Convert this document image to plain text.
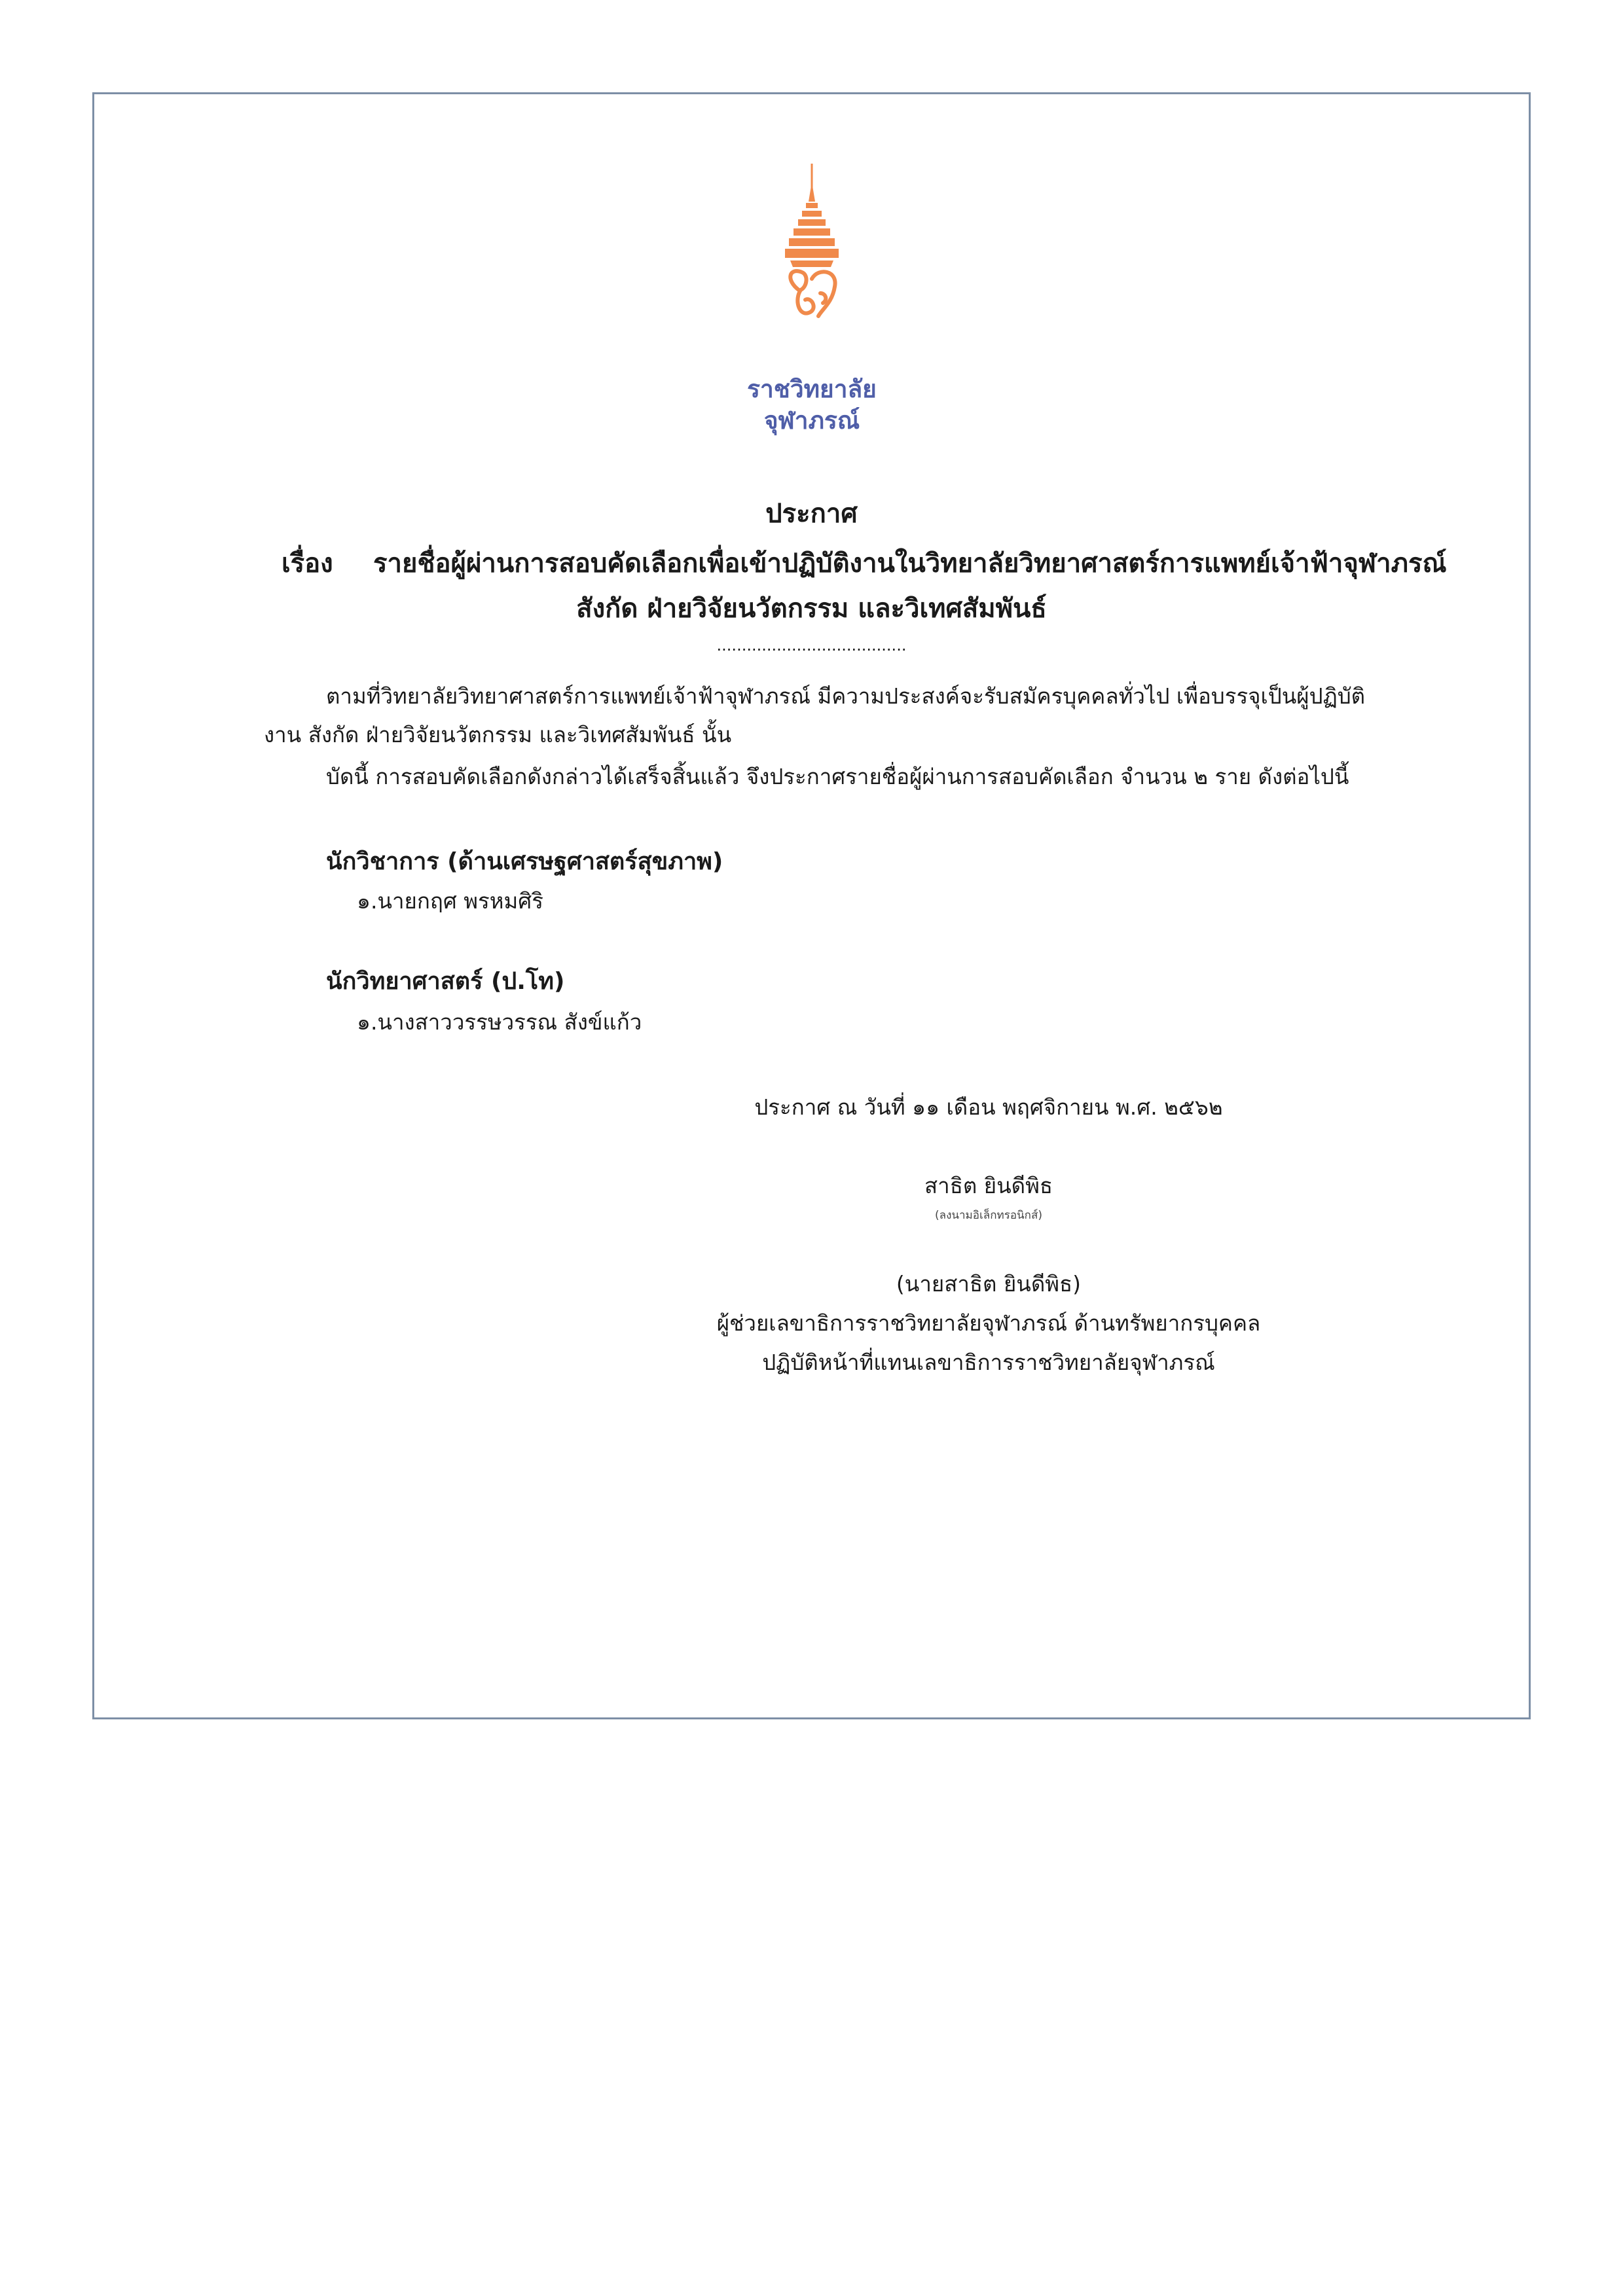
ราชวิทยาลัย
จุฬาภรณ์
ประกาศ
เรื่อง รายชื่อผู้ผ่านการสอบคัดเลือกเพื่อเข้าปฏิบัติงานในวิทยาลัยวิทยาศาสตร์การแพทย์เจ้าฟ้าจุฬาภรณ์
สังกัด ฝ่ายวิจัยนวัตกรรม และวิเทศสัมพันธ์
......................................
ตามที่วิทยาลัยวิทยาศาสตร์การแพทย์เจ้าฟ้าจุฬาภรณ์ มีความประสงค์จะรับสมัครบุคคลทั่วไป เพื่อบรรจุเป็นผู้ปฏิบัติ
งาน สังกัด ฝ่ายวิจัยนวัตกรรม และวิเทศสัมพันธ์ นั้น
บัดนี้ การสอบคัดเลือกดังกล่าวได้เสร็จสิ้นแล้ว จึงประกาศรายชื่อผู้ผ่านการสอบคัดเลือก จำนวน ๒ ราย ดังต่อไปนี้
นักวิชาการ (ด้านเศรษฐศาสตร์สุขภาพ)
๑.นายกฤศ พรหมศิริ
นักวิทยาศาสตร์ (ป.โท)
๑.นางสาววรรษวรรณ สังข์แก้ว
ประกาศ ณ วันที่ ๑๑ เดือน พฤศจิกายน พ.ศ. ๒๕๖๒
สาธิต ยินดีพิธ
(ลงนามอิเล็กทรอนิกส์)
(นายสาธิต ยินดีพิธ)
ผู้ช่วยเลขาธิการราชวิทยาลัยจุฬาภรณ์ ด้านทรัพยากรบุคคล
ปฏิบัติหน้าที่แทนเลขาธิการราชวิทยาลัยจุฬาภรณ์
